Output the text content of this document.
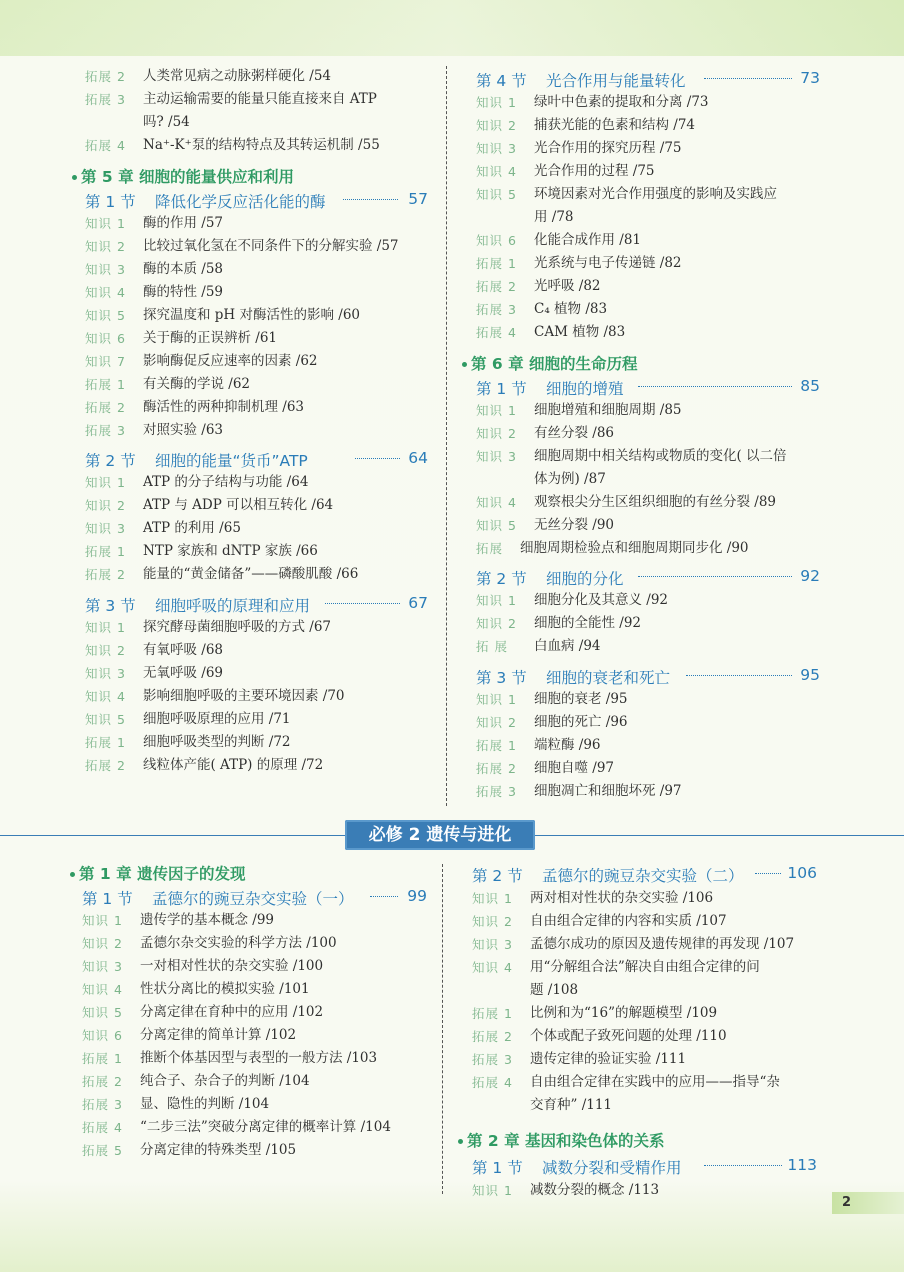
拓展 2 人类常见病之动脉粥样硬化 /54
拓展 3 主动运输需要的能量只能直接来自 ATP
吗? /54
拓展 4 Na⁺-K⁺泵的结构特点及其转运机制 /55
第 5 章 细胞的能量供应和利用
第 1 节 降低化学反应活化能的酶	57
知识 1 酶的作用 /57
知识 2 比较过氧化氢在不同条件下的分解实验 /57
知识 3 酶的本质 /58
知识 4 酶的特性 /59
知识 5 探究温度和 pH 对酶活性的影响 /60
知识 6 关于酶的正误辨析 /61
知识 7 影响酶促反应速率的因素 /62
拓展 1 有关酶的学说 /62
拓展 2 酶活性的两种抑制机理 /63
拓展 3 对照实验 /63
第 2 节 细胞的能量“货币”ATP	64
知识 1 ATP 的分子结构与功能 /64
知识 2 ATP 与 ADP 可以相互转化 /64
知识 3 ATP 的利用 /65
拓展 1 NTP 家族和 dNTP 家族 /66
拓展 2 能量的“黄金储备”——磷酸肌酸 /66
第 3 节 细胞呼吸的原理和应用	67
知识 1 探究酵母菌细胞呼吸的方式 /67
知识 2 有氧呼吸 /68
知识 3 无氧呼吸 /69
知识 4 影响细胞呼吸的主要环境因素 /70
知识 5 细胞呼吸原理的应用 /71
拓展 1 细胞呼吸类型的判断 /72
拓展 2 线粒体产能( ATP) 的原理 /72
第 4 节 光合作用与能量转化	73
知识 1 绿叶中色素的提取和分离 /73
知识 2 捕获光能的色素和结构 /74
知识 3 光合作用的探究历程 /75
知识 4 光合作用的过程 /75
知识 5 环境因素对光合作用强度的影响及实践应
用 /78
知识 6 化能合成作用 /81
拓展 1 光系统与电子传递链 /82
拓展 2 光呼吸 /82
拓展 3 C₄ 植物 /83
拓展 4 CAM 植物 /83
第 6 章 细胞的生命历程
第 1 节 细胞的增殖	85
知识 1 细胞增殖和细胞周期 /85
知识 2 有丝分裂 /86
知识 3 细胞周期中相关结构或物质的变化( 以二倍
体为例) /87
知识 4 观察根尖分生区组织细胞的有丝分裂 /89
知识 5 无丝分裂 /90
拓展 细胞周期检验点和细胞周期同步化 /90
第 2 节 细胞的分化	92
知识 1 细胞分化及其意义 /92
知识 2 细胞的全能性 /92
拓 展 白血病 /94
第 3 节 细胞的衰老和死亡	95
知识 1 细胞的衰老 /95
知识 2 细胞的死亡 /96
拓展 1 端粒酶 /96
拓展 2 细胞自噬 /97
拓展 3 细胞凋亡和细胞坏死 /97
必修 2 遗传与进化
第 1 章 遗传因子的发现
第 1 节 孟德尔的豌豆杂交实验（一）	99
知识 1 遗传学的基本概念 /99
知识 2 孟德尔杂交实验的科学方法 /100
知识 3 一对相对性状的杂交实验 /100
知识 4 性状分离比的模拟实验 /101
知识 5 分离定律在育种中的应用 /102
知识 6 分离定律的简单计算 /102
拓展 1 推断个体基因型与表型的一般方法 /103
拓展 2 纯合子、杂合子的判断 /104
拓展 3 显、隐性的判断 /104
拓展 4 “二步三法”突破分离定律的概率计算 /104
拓展 5 分离定律的特殊类型 /105
第 2 节 孟德尔的豌豆杂交实验（二）	106
知识 1 两对相对性状的杂交实验 /106
知识 2 自由组合定律的内容和实质 /107
知识 3 孟德尔成功的原因及遗传规律的再发现 /107
知识 4 用“分解组合法”解决自由组合定律的问
题 /108
拓展 1 比例和为“16”的解题模型 /109
拓展 2 个体或配子致死问题的处理 /110
拓展 3 遗传定律的验证实验 /111
拓展 4 自由组合定律在实践中的应用——指导“杂
交育种” /111
第 2 章 基因和染色体的关系
第 1 节 减数分裂和受精作用	113
知识 1 减数分裂的概念 /113
2
